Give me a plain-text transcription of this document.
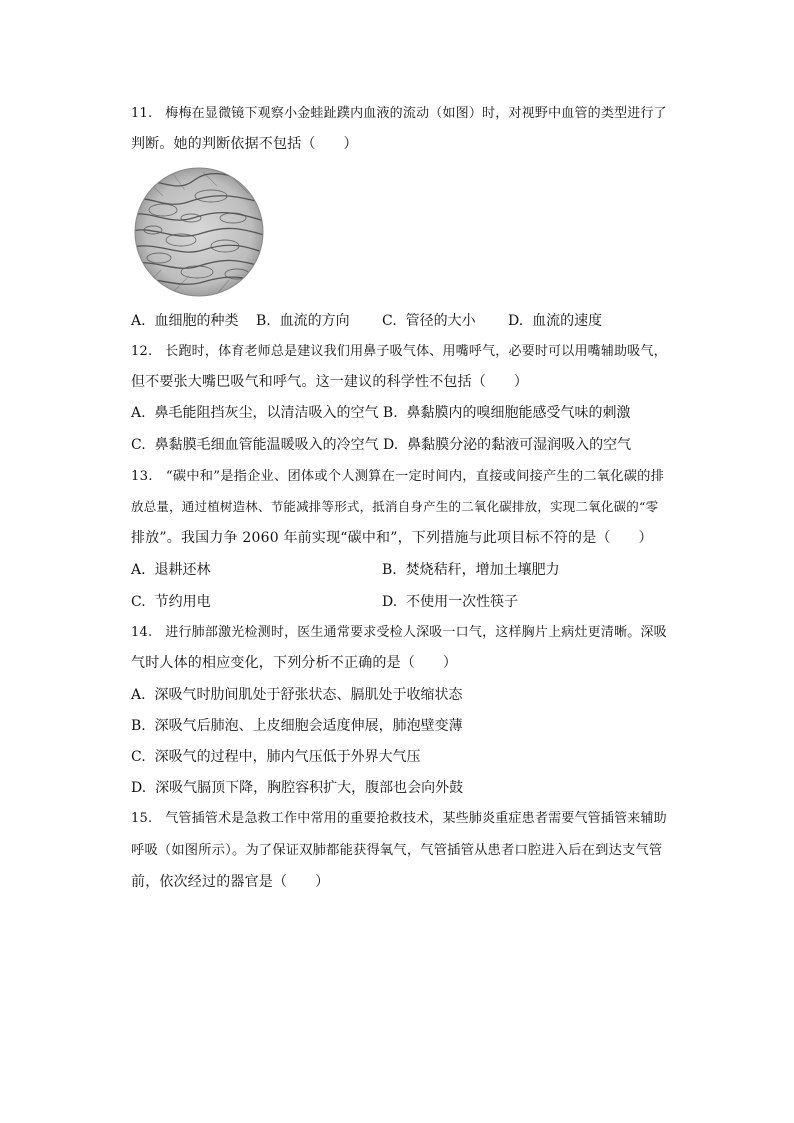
11.   梅梅在显微镜下观察小金蛙趾蹼内血液的流动（如图）时，对视野中血管的类型进行了
判断。她的判断依据不包括（      ）
A.  血细胞的种类 B.  血流的方向 C.  管径的大小 D.  血流的速度
12.   长跑时，体育老师总是建议我们用鼻子吸气体、用嘴呼气，必要时可以用嘴辅助吸气，
但不要张大嘴巴吸气和呼气。这一建议的科学性不包括（      ）
A.  鼻毛能阻挡灰尘，以清洁吸入的空气 B.  鼻黏膜内的嗅细胞能感受气味的刺激
C.  鼻黏膜毛细血管能温暖吸入的冷空气 D.  鼻黏膜分泌的黏液可湿润吸入的空气
13.   “碳中和”是指企业、团体或个人测算在一定时间内，直接或间接产生的二氧化碳的排
放总量，通过植树造林、节能减排等形式，抵消自身产生的二氧化碳排放，实现二氧化碳的“零
排放”。我国力争 2060 年前实现“碳中和”，下列措施与此项目标不符的是（      ）
A.  退耕还林	B.  焚烧秸秆，增加土壤肥力
C.  节约用电	D.  不使用一次性筷子
14.   进行肺部激光检测时，医生通常要求受检人深吸一口气，这样胸片上病灶更清晰。深吸
气时人体的相应变化，下列分析不正确的是（      ）
A.  深吸气时肋间肌处于舒张状态、膈肌处于收缩状态
B.  深吸气后肺泡、上皮细胞会适度伸展，肺泡壁变薄
C.  深吸气的过程中，肺内气压低于外界大气压
D.  深吸气膈顶下降，胸腔容积扩大，腹部也会向外鼓
15.   气管插管术是急救工作中常用的重要抢救技术，某些肺炎重症患者需要气管插管来辅助
呼吸（如图所示）。为了保证双肺都能获得氧气，气管插管从患者口腔进入后在到达支气管
前，依次经过的器官是（      ）
